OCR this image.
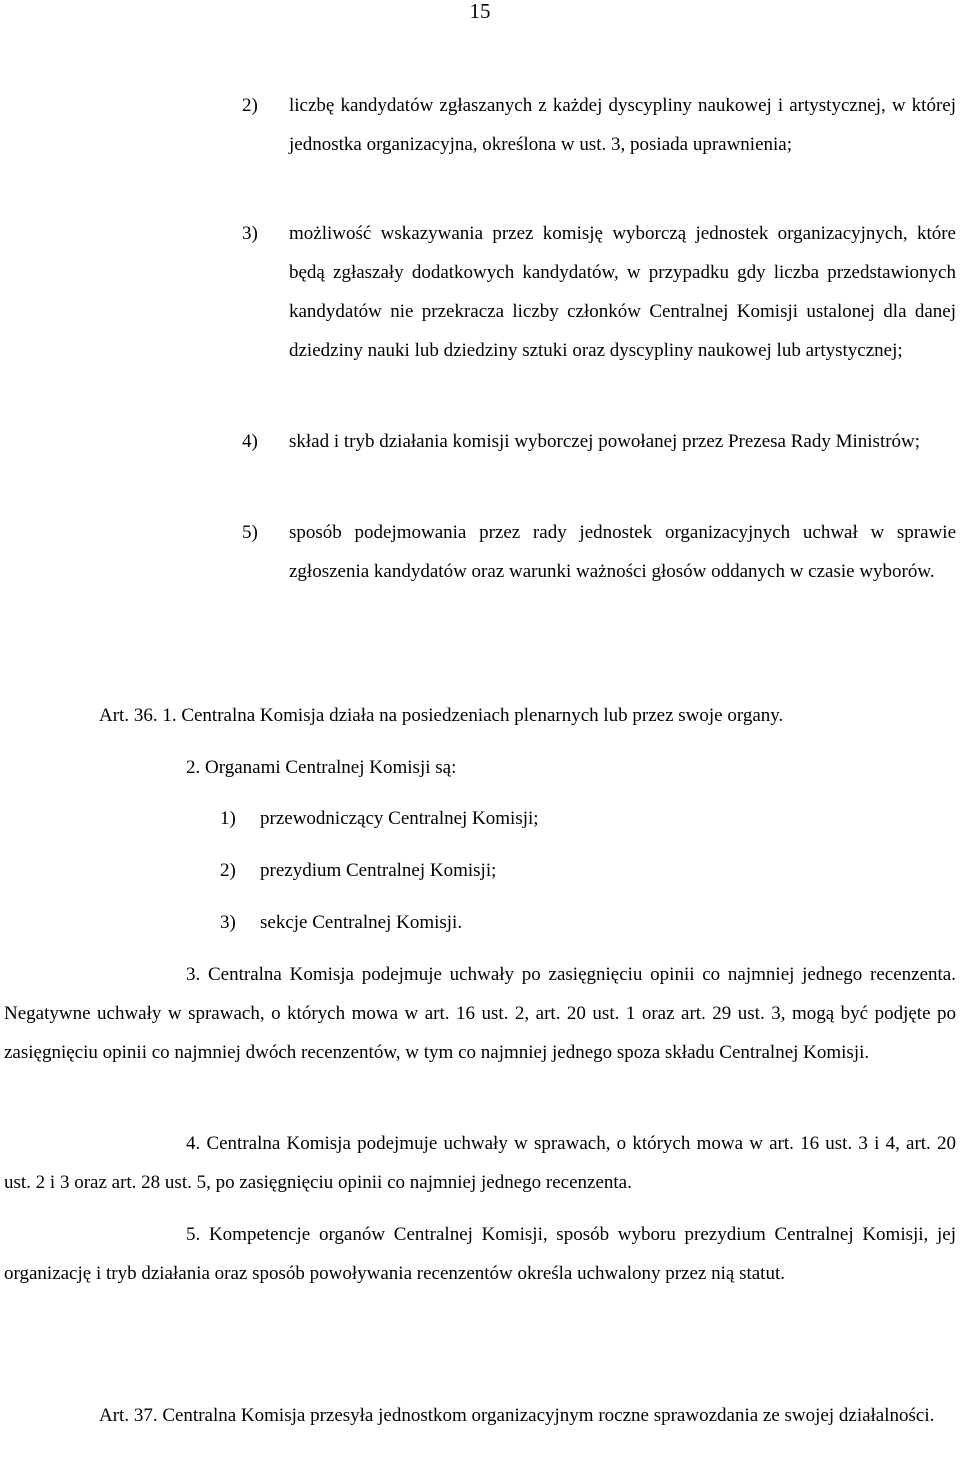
15
2) liczbę kandydatów zgłaszanych z każdej dyscypliny naukowej i artystycznej, w której jednostka organizacyjna, określona w ust. 3, posiada uprawnienia;
3) możliwość wskazywania przez komisję wyborczą jednostek organizacyjnych, które będą zgłaszały dodatkowych kandydatów, w przypadku gdy liczba przedstawionych kandydatów nie przekracza liczby członków Centralnej Komisji ustalonej dla danej dziedziny nauki lub dziedziny sztuki oraz dyscypliny naukowej lub artystycznej;
4) skład i tryb działania komisji wyborczej powołanej przez Prezesa Rady Ministrów;
5) sposób podejmowania przez rady jednostek organizacyjnych uchwał w sprawie zgłoszenia kandydatów oraz warunki ważności głosów oddanych w czasie wyborów.
Art. 36. 1. Centralna Komisja działa na posiedzeniach plenarnych lub przez swoje organy.
2. Organami Centralnej Komisji są:
1) przewodniczący Centralnej Komisji;
2) prezydium Centralnej Komisji;
3) sekcje Centralnej Komisji.
3. Centralna Komisja podejmuje uchwały po zasięgnięciu opinii co najmniej jednego recenzenta. Negatywne uchwały w sprawach, o których mowa w art. 16 ust. 2, art. 20 ust. 1 oraz art. 29 ust. 3, mogą być podjęte po zasięgnięciu opinii co najmniej dwóch recenzentów, w tym co najmniej jednego spoza składu Centralnej Komisji.
4. Centralna Komisja podejmuje uchwały w sprawach, o których mowa w art. 16 ust. 3 i 4, art. 20 ust. 2 i 3 oraz art. 28 ust. 5, po zasięgnięciu opinii co najmniej jednego recenzenta.
5. Kompetencje organów Centralnej Komisji, sposób wyboru prezydium Centralnej Komisji, jej organizację i tryb działania oraz sposób powoływania recenzentów określa uchwalony przez nią statut.
Art. 37. Centralna Komisja przesyła jednostkom organizacyjnym roczne sprawozdania ze swojej działalności.
